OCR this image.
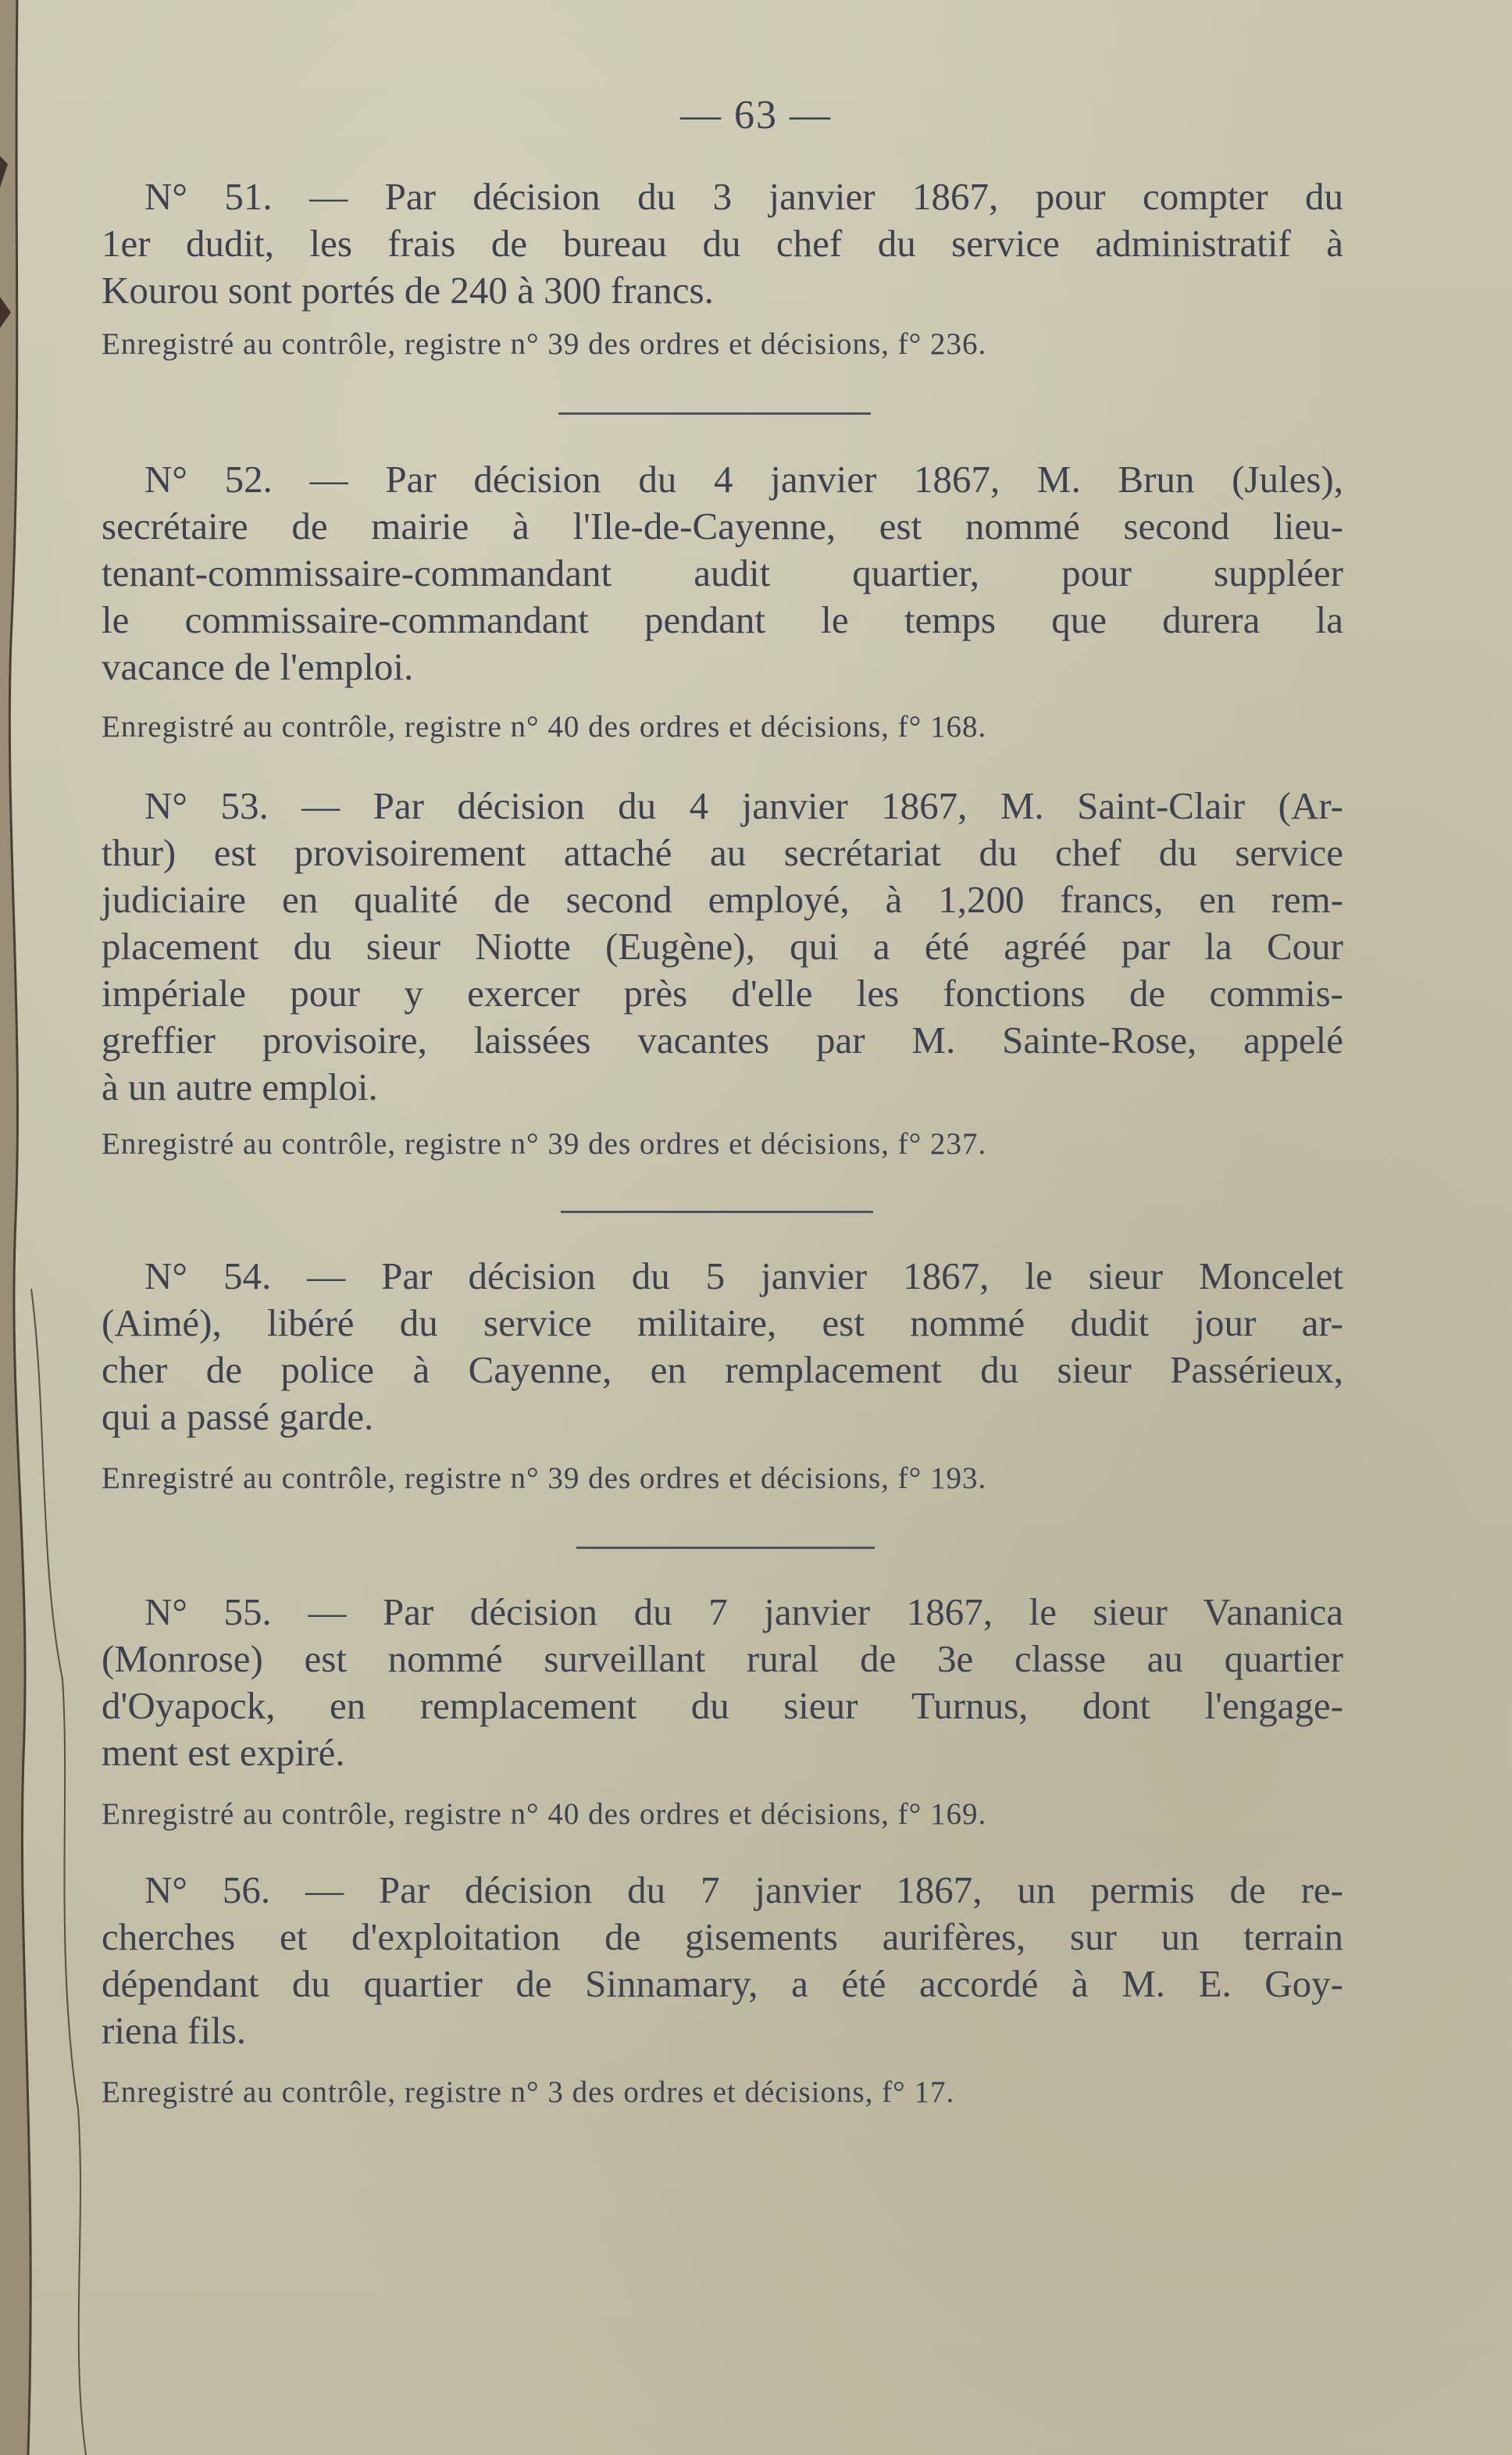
— 63 —
N° 51. — Par décision du 3 janvier 1867, pour compter du
1er dudit, les frais de bureau du chef du service administratif à
Kourou sont portés de 240 à 300 francs.
Enregistré au contrôle, registre n° 39 des ordres et décisions, f° 236.
N° 52. — Par décision du 4 janvier 1867, M. Brun (Jules),
secrétaire de mairie à l'Ile-de-Cayenne, est nommé second lieu-
tenant-commissaire-commandant audit quartier, pour suppléer
le commissaire-commandant pendant le temps que durera la
vacance de l'emploi.
Enregistré au contrôle, registre n° 40 des ordres et décisions, f° 168.
N° 53. — Par décision du 4 janvier 1867, M. Saint-Clair (Ar-
thur) est provisoirement attaché au secrétariat du chef du service
judiciaire en qualité de second employé, à 1,200 francs, en rem-
placement du sieur Niotte (Eugène), qui a été agréé par la Cour
impériale pour y exercer près d'elle les fonctions de commis-
greffier provisoire, laissées vacantes par M. Sainte-Rose, appelé
à un autre emploi.
Enregistré au contrôle, registre n° 39 des ordres et décisions, f° 237.
N° 54. — Par décision du 5 janvier 1867, le sieur Moncelet
(Aimé), libéré du service militaire, est nommé dudit jour ar-
cher de police à Cayenne, en remplacement du sieur Passérieux,
qui a passé garde.
Enregistré au contrôle, registre n° 39 des ordres et décisions, f° 193.
N° 55. — Par décision du 7 janvier 1867, le sieur Vananica
(Monrose) est nommé surveillant rural de 3e classe au quartier
d'Oyapock, en remplacement du sieur Turnus, dont l'engage-
ment est expiré.
Enregistré au contrôle, registre n° 40 des ordres et décisions, f° 169.
N° 56. — Par décision du 7 janvier 1867, un permis de re-
cherches et d'exploitation de gisements aurifères, sur un terrain
dépendant du quartier de Sinnamary, a été accordé à M. E. Goy-
riena fils.
Enregistré au contrôle, registre n° 3 des ordres et décisions, f° 17.
